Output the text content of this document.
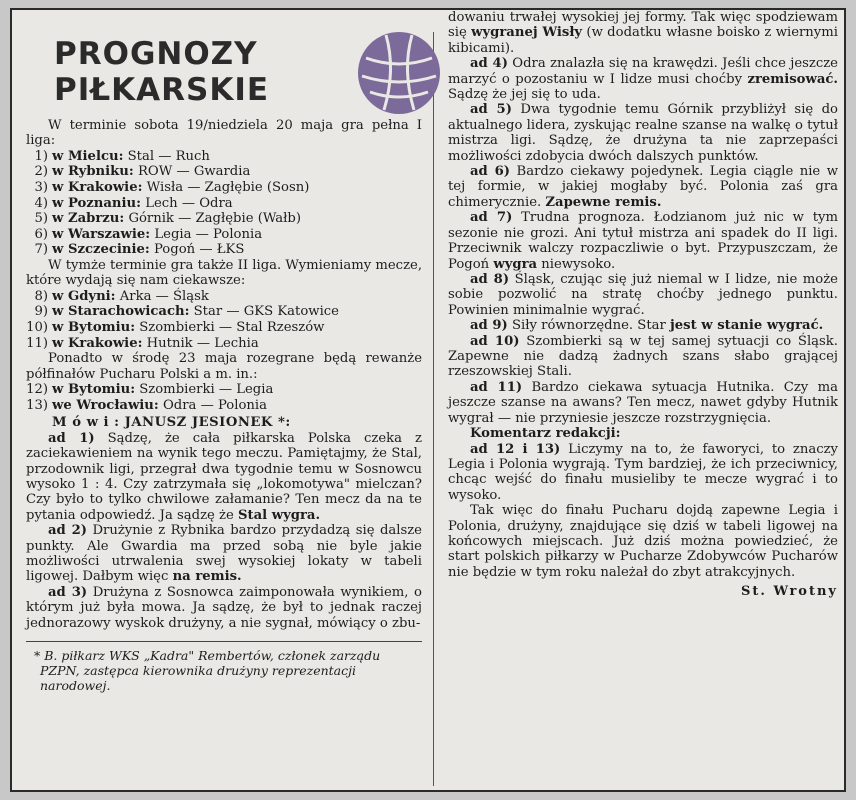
PROGNOZY
PIŁKARSKIE

W terminie sobota 19/niedziela 20 maja gra pełna I liga:

1) w Mielcu: Stal — Ruch
2) w Rybniku: ROW — Gwardia
3) w Krakowie: Wisła — Zagłębie (Sosn)
4) w Poznaniu: Lech — Odra
5) w Zabrzu: Górnik — Zagłębie (Wałb)
6) w Warszawie: Legia — Polonia
7) w Szczecinie: Pogoń — ŁKS

W tymże terminie gra także II liga. Wymieniamy mecze, które wydają się nam ciekawsze:

8) w Gdyni: Arka — Śląsk
9) w Starachowicach: Star — GKS Katowice
10) w Bytomiu: Szombierki — Stal Rzeszów
11) w Krakowie: Hutnik — Lechia

Ponadto w środę 23 maja rozegrane będą rewanże półfinałów Pucharu Polski a m. in.:

12) w Bytomiu: Szombierki — Legia
13) we Wrocławiu: Odra — Polonia
M ó w i : JANUSZ JESIONEK *:

ad 1) Sądzę, że cała piłkarska Polska czeka z zaciekawieniem na wynik tego meczu. Pamiętajmy, że Stal, przodownik ligi, przegrał dwa tygodnie temu w Sosnowcu wysoko 1 : 4. Czy zatrzymała się „lokomotywa" mielczan? Czy było to tylko chwilowe załamanie? Ten mecz da na te pytania odpowiedź. Ja sądzę że Stal wygra.

ad 2) Drużynie z Rybnika bardzo przydadzą się dalsze punkty. Ale Gwardia ma przed sobą nie byle jakie możliwości utrwalenia swej wysokiej lokaty w tabeli ligowej. Dałbym więc na remis.

ad 3) Drużyna z Sosnowca zaimponowała wynikiem, o którym już była mowa. Ja sądzę, że był to jednak raczej jednorazowy wyskok drużyny, a nie sygnał, mówiący o zbu-

* B. piłkarz WKS „Kadra" Rembertów, członek zarządu PZPN, zastępca kierownika drużyny reprezentacji narodowej.

dowaniu trwałej wysokiej jej formy. Tak więc spodziewam się wygranej Wisły (w dodatku własne boisko z wiernymi kibicami).

ad 4) Odra znalazła się na krawędzi. Jeśli chce jeszcze marzyć o pozostaniu w I lidze musi choćby zremisować. Sądzę że jej się to uda.

ad 5) Dwa tygodnie temu Górnik przybliżył się do aktualnego lidera, zyskując realne szanse na walkę o tytuł mistrza ligi. Sądzę, że drużyna ta nie zaprzepaści możliwości zdobycia dwóch dalszych punktów.

ad 6) Bardzo ciekawy pojedynek. Legia ciągle nie w tej formie, w jakiej mogłaby być. Polonia zaś gra chimerycznie. Zapewne remis.

ad 7) Trudna prognoza. Łodzianom już nic w tym sezonie nie grozi. Ani tytuł mistrza ani spadek do II ligi. Przeciwnik walczy rozpaczliwie o byt. Przypuszczam, że Pogoń wygra niewysoko.

ad 8) Śląsk, czując się już niemal w I lidze, nie może sobie pozwolić na stratę choćby jednego punktu. Powinien minimalnie wygrać.

ad 9) Siły równorzędne. Star jest w stanie wygrać.

ad 10) Szombierki są w tej samej sytuacji co Śląsk. Zapewne nie dadzą żadnych szans słabo grającej rzeszowskiej Stali.

ad 11) Bardzo ciekawa sytuacja Hutnika. Czy ma jeszcze szanse na awans? Ten mecz, nawet gdyby Hutnik wygrał — nie przyniesie jeszcze rozstrzygnięcia.

Komentarz redakcji:

ad 12 i 13) Liczymy na to, że faworyci, to znaczy Legia i Polonia wygrają. Tym bardziej, że ich przeciwnicy, chcąc wejść do finału musieliby te mecze wygrać i to wysoko.

Tak więc do finału Pucharu dojdą zapewne Legia i Polonia, drużyny, znajdujące się dziś w tabeli ligowej na końcowych miejscach. Już dziś można powiedzieć, że start polskich piłkarzy w Pucharze Zdobywców Pucharów nie będzie w tym roku należał do zbyt atrakcyjnych.

St. Wrotny
